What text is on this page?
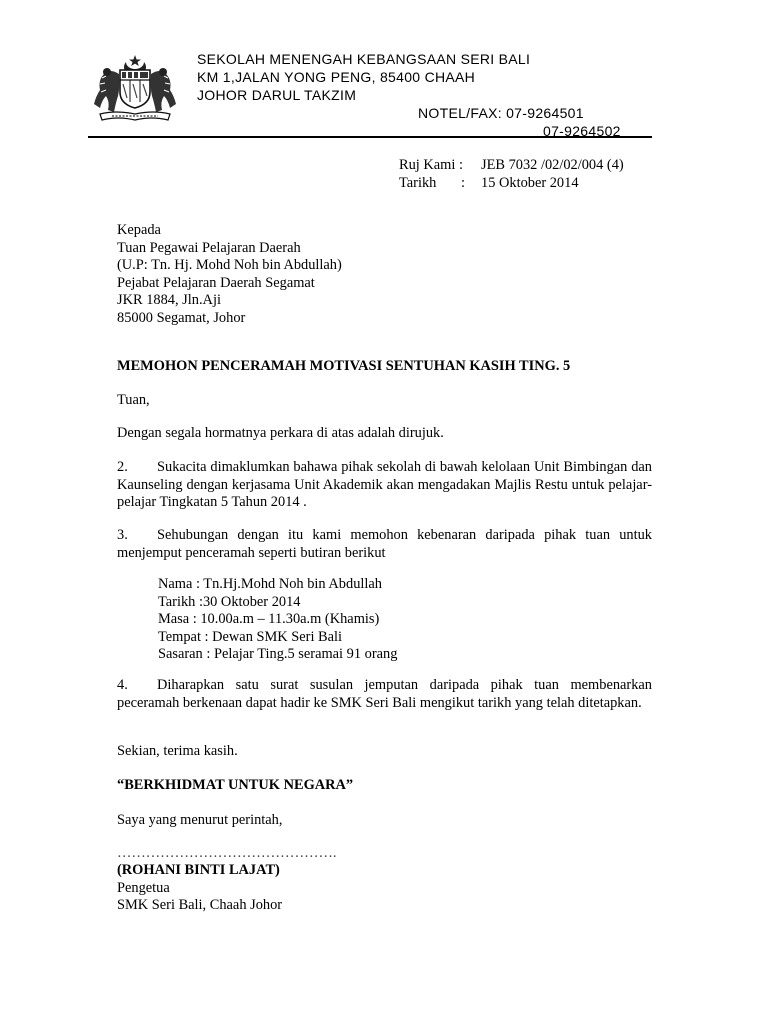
SEKOLAH MENENGAH KEBANGSAAN SERI BALI
KM 1,JALAN YONG PENG, 85400 CHAAH
JOHOR DARUL TAKZIM
NOTEL/FAX: 07-9264501
07-9264502
Ruj Kami : JEB 7032 /02/02/004 (4)
Tarikh	:	15 Oktober 2014
Kepada
Tuan Pegawai Pelajaran Daerah
(U.P: Tn. Hj. Mohd Noh bin Abdullah)
Pejabat Pelajaran Daerah Segamat
JKR 1884, Jln.Aji
85000 Segamat, Johor
MEMOHON PENCERAMAH MOTIVASI SENTUHAN KASIH TING. 5
Tuan,
Dengan segala hormatnya perkara di atas adalah dirujuk.
2. Sukacita dimaklumkan bahawa pihak sekolah di bawah kelolaan Unit Bimbingan dan Kaunseling dengan kerjasama Unit Akademik akan mengadakan Majlis Restu untuk pelajar-pelajar Tingkatan 5 Tahun 2014 .
3. Sehubungan dengan itu kami memohon kebenaran daripada pihak tuan untuk menjemput penceramah seperti butiran berikut
Nama : Tn.Hj.Mohd Noh bin Abdullah
Tarikh :30 Oktober 2014
Masa : 10.00a.m – 11.30a.m (Khamis)
Tempat : Dewan SMK Seri Bali
Sasaran : Pelajar Ting.5 seramai 91 orang
4. Diharapkan satu surat susulan jemputan daripada pihak tuan membenarkan peceramah berkenaan dapat hadir ke SMK Seri Bali mengikut tarikh yang telah ditetapkan.
Sekian, terima kasih.
“BERKHIDMAT UNTUK NEGARA”
Saya yang menurut perintah,
……………………………………….
(ROHANI BINTI LAJAT)
Pengetua
SMK Seri Bali, Chaah Johor
